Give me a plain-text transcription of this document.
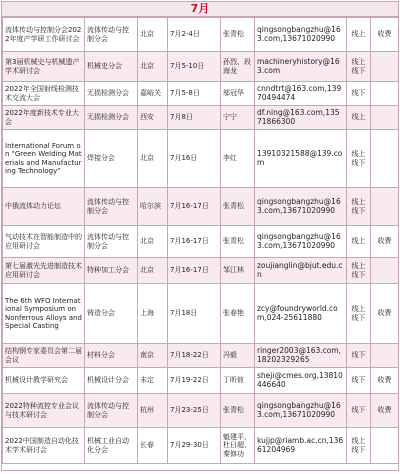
7月
流体传动与控制分会2022年度产学研工作研讨会	流体传动与控制分会	北京	7月2-4日	张青松	qingsongbangzhu@163.com,13671020990	线上	收费
第3届机械史与机械遗产学术研讨会	机械史分会	北京	7月5-10日	孙烈、段海龙	machineryhistory@163.com	线上线下	
2022年全国射线检测技术交流大会	无损检测分会	嘉峪关	7月5-8日	邬冠华	cnndtrt@163.com,13970494474	线下	
2022年度新技术专业大会	无损检测分会	西安	7月8日	宁宁	df.ning@163.com,13571866300	线上	
International Forum on "Green Welding Materials and Manufacturing Technology"	焊接分会	北京	7月16日	李红	13910321588@139.com	线上线下	
中俄流体动力论坛	流体传动与控制分会	哈尔滨	7月16-17日	张青松	qingsongbangzhu@163.com,13671020990	线上线下	
气动技术在智能制造中的应用研讨会	流体传动与控制分会	北京	7月16-17日	张青松	qingsongbangzhu@163.com,13671020990	线上	收费
第七届激光先进制造技术应用研讨会	特种加工分会	北京	7月16-17日	邹江林	zoujianglin@bjut.edu.cn	线上线下	
The 6th WFO International Symposium on Nonferrous Alloys and Special Casting	铸造分会	上海	7月18日	张春艳	zcy@foundryworld.com,024-25611880	线上线下	收费
结构钢专家委员会第二届会议	材料分会	南京	7月18-22日	冯毅	ringer2003@163.com,18202329265	线下	
机械设计教学研究会	机械设计分会	未定	7月19-22日	丁昕彼	sheji@cmes.org,13810446640	线下	收费
2022特种流控专业会议与技术研讨会	流体传动与控制分会	杭州	7月23-25日	张青松	qingsongbangzhu@163.com,13671020990	线下	收费
2022中国制造自动化技术学术研讨会	机械工业自动化分会	长春	7月29-30日	魁建平、杜日超、秦修功	kujjp@riamb.ac.cn,13661204969	线上线下	
